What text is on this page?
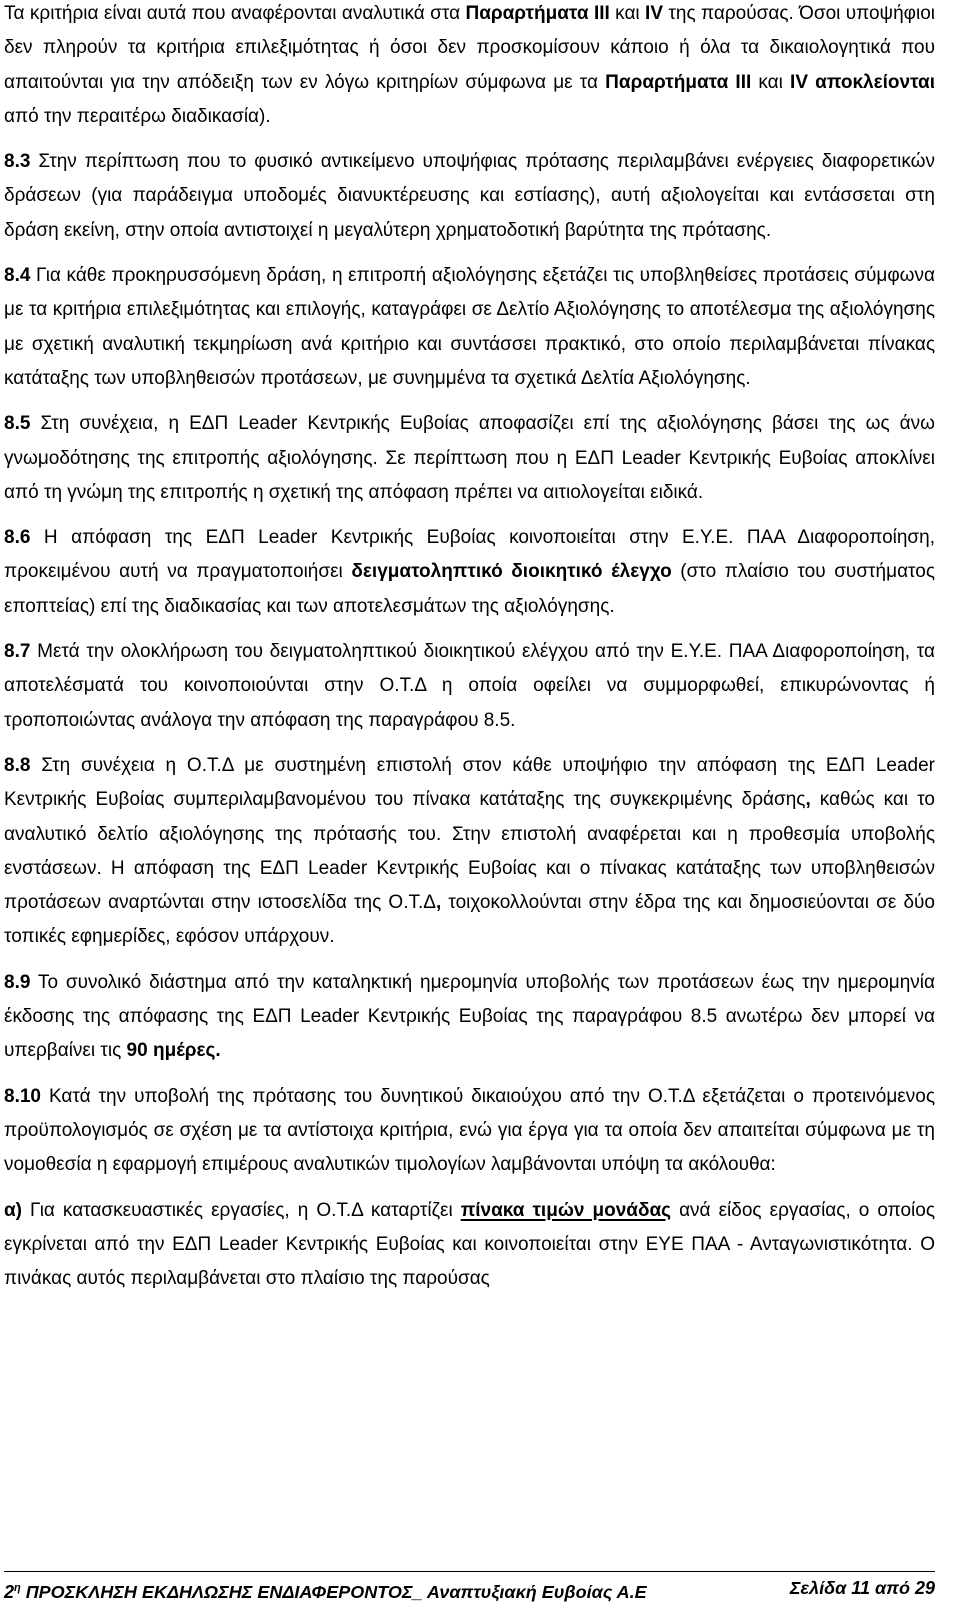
Τα κριτήρια είναι αυτά που αναφέρονται αναλυτικά στα Παραρτήματα ΙΙΙ και IV της παρούσας. Όσοι υποψήφιοι δεν πληρούν τα κριτήρια επιλεξιμότητας ή όσοι δεν προσκομίσουν κάποιο ή όλα τα δικαιολογητικά που απαιτούνται για την απόδειξη των εν λόγω κριτηρίων σύμφωνα με τα Παραρτήματα ΙΙΙ και IV αποκλείονται από την περαιτέρω διαδικασία).

8.3 Στην περίπτωση που το φυσικό αντικείμενο υποψήφιας πρότασης περιλαμβάνει ενέργειες διαφορετικών δράσεων (για παράδειγμα υποδομές διανυκτέρευσης και εστίασης), αυτή αξιολογείται και εντάσσεται στη δράση εκείνη, στην οποία αντιστοιχεί η μεγαλύτερη χρηματοδοτική βαρύτητα της πρότασης.

8.4 Για κάθε προκηρυσσόμενη δράση, η επιτροπή αξιολόγησης εξετάζει τις υποβληθείσες προτάσεις σύμφωνα με τα κριτήρια επιλεξιμότητας και επιλογής, καταγράφει σε Δελτίο Αξιολόγησης το αποτέλεσμα της αξιολόγησης με σχετική αναλυτική τεκμηρίωση ανά κριτήριο και συντάσσει πρακτικό, στο οποίο περιλαμβάνεται πίνακας κατάταξης των υποβληθεισών προτάσεων, με συνημμένα τα σχετικά Δελτία Αξιολόγησης.

8.5 Στη συνέχεια, η ΕΔΠ Leader Κεντρικής Ευβοίας αποφασίζει επί της αξιολόγησης βάσει της ως άνω γνωμοδότησης της επιτροπής αξιολόγησης. Σε περίπτωση που η ΕΔΠ Leader Κεντρικής Ευβοίας αποκλίνει από τη γνώμη της επιτροπής η σχετική της απόφαση πρέπει να αιτιολογείται ειδικά.

8.6 Η απόφαση της ΕΔΠ Leader Κεντρικής Ευβοίας κοινοποιείται στην Ε.Υ.Ε. ΠΑΑ Διαφοροποίηση, προκειμένου αυτή να πραγματοποιήσει δειγματοληπτικό διοικητικό έλεγχο (στο πλαίσιο του συστήματος εποπτείας) επί της διαδικασίας και των αποτελεσμάτων της αξιολόγησης.

8.7 Μετά την ολοκλήρωση του δειγματοληπτικού διοικητικού ελέγχου από την Ε.Υ.Ε. ΠΑΑ Διαφοροποίηση, τα αποτελέσματά του κοινοποιούνται στην Ο.Τ.Δ η οποία οφείλει να συμμορφωθεί, επικυρώνοντας ή τροποποιώντας ανάλογα την απόφαση της παραγράφου 8.5.

8.8 Στη συνέχεια η Ο.Τ.Δ με συστημένη επιστολή στον κάθε υποψήφιο την απόφαση της ΕΔΠ Leader Κεντρικής Ευβοίας συμπεριλαμβανομένου του πίνακα κατάταξης της συγκεκριμένης δράσης, καθώς και το αναλυτικό δελτίο αξιολόγησης της πρότασής του. Στην επιστολή αναφέρεται και η προθεσμία υποβολής ενστάσεων. Η απόφαση της ΕΔΠ Leader Κεντρικής Ευβοίας και ο πίνακας κατάταξης των υποβληθεισών προτάσεων αναρτώνται στην ιστοσελίδα της Ο.Τ.Δ, τοιχοκολλούνται στην έδρα της και δημοσιεύονται σε δύο τοπικές εφημερίδες, εφόσον υπάρχουν.

8.9 Το συνολικό διάστημα από την καταληκτική ημερομηνία υποβολής των προτάσεων έως την ημερομηνία έκδοσης της απόφασης της ΕΔΠ Leader Κεντρικής Ευβοίας της παραγράφου 8.5 ανωτέρω δεν μπορεί να υπερβαίνει τις 90 ημέρες.

8.10 Κατά την υποβολή της πρότασης του δυνητικού δικαιούχου από την Ο.Τ.Δ εξετάζεται ο προτεινόμενος προϋπολογισμός σε σχέση με τα αντίστοιχα κριτήρια, ενώ για έργα για τα οποία δεν απαιτείται σύμφωνα με τη νομοθεσία η εφαρμογή επιμέρους αναλυτικών τιμολογίων λαμβάνονται υπόψη τα ακόλουθα:

α) Για κατασκευαστικές εργασίες, η Ο.Τ.Δ καταρτίζει πίνακα τιμών μονάδας ανά είδος εργασίας, ο οποίος εγκρίνεται από την ΕΔΠ Leader Κεντρικής Ευβοίας και κοινοποιείται στην ΕΥΕ ΠΑΑ - Ανταγωνιστικότητα. Ο πινάκας αυτός περιλαμβάνεται στο πλαίσιο της παρούσας

$2^\eta$ ΠΡΟΣΚΛΗΣΗ ΕΚΔΗΛΩΣΗΣ ΕΝΔΙΑΦΕΡΟΝΤΟΣ_ Αναπτυξιακή Ευβοίας Α.Ε	Σελίδα 11 από 29
